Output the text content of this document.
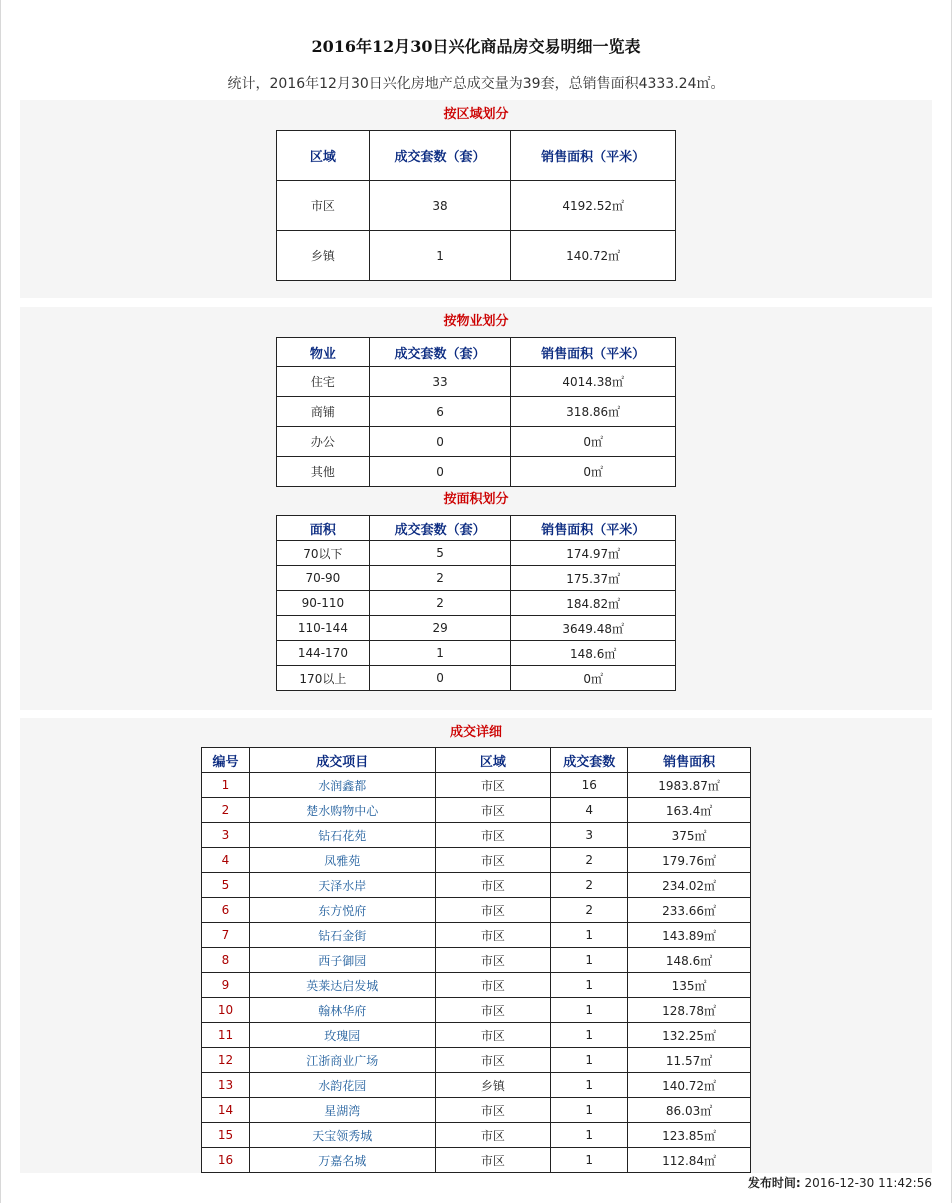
2016年12月30日兴化商品房交易明细一览表
统计，2016年12月30日兴化房地产总成交量为39套，总销售面积4333.24㎡。
按区域划分
区域	成交套数（套）	销售面积（平米）
市区	38	4192.52㎡
乡镇	1	140.72㎡
按物业划分
物业	成交套数（套）	销售面积（平米）
住宅	33	4014.38㎡
商铺	6	318.86㎡
办公	0	0㎡
其他	0	0㎡
按面积划分
面积	成交套数（套）	销售面积（平米）
70以下	5	174.97㎡
70-90	2	175.37㎡
90-110	2	184.82㎡
110-144	29	3649.48㎡
144-170	1	148.6㎡
170以上	0	0㎡
成交详细
编号	成交项目	区域	成交套数	销售面积
1	水润鑫都	市区	16	1983.87㎡
2	楚水购物中心	市区	4	163.4㎡
3	钻石花苑	市区	3	375㎡
4	凤雅苑	市区	2	179.76㎡
5	天泽水岸	市区	2	234.02㎡
6	东方悦府	市区	2	233.66㎡
7	钻石金街	市区	1	143.89㎡
8	西子御园	市区	1	148.6㎡
9	英莱达启发城	市区	1	135㎡
10	翰林华府	市区	1	128.78㎡
11	玫瑰园	市区	1	132.25㎡
12	江浙商业广场	市区	1	11.57㎡
13	水韵花园	乡镇	1	140.72㎡
14	星湖湾	市区	1	86.03㎡
15	天宝领秀城	市区	1	123.85㎡
16	万嘉名城	市区	1	112.84㎡
发布时间: 2016-12-30 11:42:56
